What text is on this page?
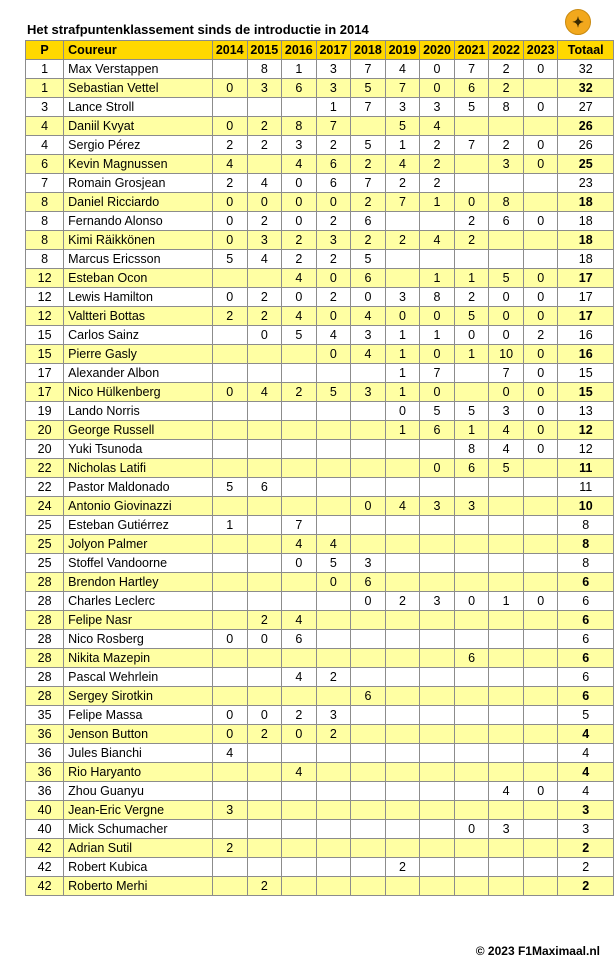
Het strafpuntenklassement sinds de introductie in 2014	✦
P	Coureur	2014	2015	2016	2017	2018	2019	2020	2021	2022	2023	Totaal
1	Max Verstappen		8	1	3	7	4	0	7	2	0	32
1	Sebastian Vettel	0	3	6	3	5	7	0	6	2		32
3	Lance Stroll				1	7	3	3	5	8	0	27
4	Daniil Kvyat	0	2	8	7		5	4				26
4	Sergio Pérez	2	2	3	2	5	1	2	7	2	0	26
6	Kevin Magnussen	4		4	6	2	4	2		3	0	25
7	Romain Grosjean	2	4	0	6	7	2	2				23
8	Daniel Ricciardo	0	0	0	0	2	7	1	0	8		18
8	Fernando Alonso	0	2	0	2	6			2	6	0	18
8	Kimi Räikkönen	0	3	2	3	2	2	4	2			18
8	Marcus Ericsson	5	4	2	2	5						18
12	Esteban Ocon			4	0	6		1	1	5	0	17
12	Lewis Hamilton	0	2	0	2	0	3	8	2	0	0	17
12	Valtteri Bottas	2	2	4	0	4	0	0	5	0	0	17
15	Carlos Sainz		0	5	4	3	1	1	0	0	2	16
15	Pierre Gasly				0	4	1	0	1	10	0	16
17	Alexander Albon						1	7		7	0	15
17	Nico Hülkenberg	0	4	2	5	3	1	0		0	0	15
19	Lando Norris						0	5	5	3	0	13
20	George Russell						1	6	1	4	0	12
20	Yuki Tsunoda								8	4	0	12
22	Nicholas Latifi							0	6	5		11
22	Pastor Maldonado	5	6									11
24	Antonio Giovinazzi					0	4	3	3			10
25	Esteban Gutiérrez	1		7								8
25	Jolyon Palmer			4	4							8
25	Stoffel Vandoorne			0	5	3						8
28	Brendon Hartley				0	6						6
28	Charles Leclerc					0	2	3	0	1	0	6
28	Felipe Nasr		2	4								6
28	Nico Rosberg	0	0	6								6
28	Nikita Mazepin								6			6
28	Pascal Wehrlein			4	2							6
28	Sergey Sirotkin					6						6
35	Felipe Massa	0	0	2	3							5
36	Jenson Button	0	2	0	2							4
36	Jules Bianchi	4										4
36	Rio Haryanto			4								4
36	Zhou Guanyu									4	0	4
40	Jean-Eric Vergne	3										3
40	Mick Schumacher								0	3		3
42	Adrian Sutil	2										2
42	Robert Kubica						2					2
42	Roberto Merhi		2									2
© 2023 F1Maximaal.nl
